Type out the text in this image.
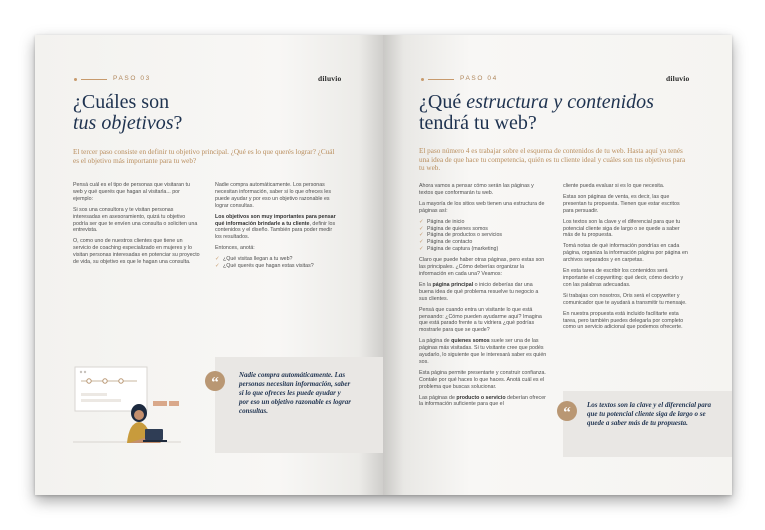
PASO 03	diluvio
¿Cuáles son
tus objetivos?
El tercer paso consiste en definir tu objetivo principal. ¿Qué es lo que querés lograr? ¿Cuál es el objetivo más importante para tu web?

Pensá cuál es el tipo de personas que visitaran tu web y qué querés que hagan al visitarla... por ejemplo:

Si sos una consultora y te visitan personas interesadas en asesoramiento, quizá tu objetivo podría ser que te envíen una consulta o soliciten una entrevista.

O, como uno de nuestros clientes que tiene un servicio de coaching especializado en mujeres y lo visitan personas interesadas en potenciar su proyecto de vida, su objetivo es que le hagan una consulta.

Nadie compra automáticamente. Los personas necesitan información, saber si lo que ofreces les puede ayudar y por eso un objetivo razonable es lograr consultas.

Los objetivos son muy importantes para pensar qué información brindarle a tu cliente, definir los contenidos y el diseño. También para poder medir los resultados.

Entonces, anotá:

✓ ¿Qué visitas llegan a tu web?
✓ ¿Qué querés que hagan estas visitas?
“	Nadie compra automáticamente. Las personas necesitan información, saber si lo que ofreces les puede ayudar y por eso un objetivo razonable es lograr consultas.
PASO 04	diluvio
¿Qué estructura y contenidos
tendrá tu web?
El paso número 4 es trabajar sobre el esquema de contenidos de tu web. Hasta aquí ya tenés una idea de que hace tu competencia, quién es tu cliente ideal y cuáles son tus objetivos para tu web.

Ahora vamos a pensar cómo serán las páginas y textos que conformarán tu web.

La mayoría de los sitios web tienen una estructura de páginas así:

✓ Página de inicio
✓ Página de quienes somos
✓ Página de productos o servicios
✓ Página de contacto
✓ Página de captura (marketing)

Claro que puede haber otras páginas, pero estas son las principales. ¿Cómo deberías organizar la información en cada una? Veamos:

En la página principal o inicio deberías dar una buena idea de qué problema resuelve tu negocio a sus clientes.

Pensá que cuando entra un visitante lo que está pensando: ¿Cómo pueden ayudarme aquí? Imagina que está parado frente a tu vidriera ¿qué podrías mostrarle para que se quede?

La página de quienes somos suele ser una de las páginas más visitadas. Si tu visitante cree que podés ayudarlo, lo siguiente que le interesará saber es quién sos.

Esta página permite presentarte y construir confianza. Contale por qué haces lo que haces. Anotá cuál es el problema que buscas solucionar.

Las páginas de producto o servicio deberían ofrecer la información suficiente para que el

cliente pueda evaluar si es lo que necesita.

Estas son páginas de venta, es decir, las que presentan tu propuesta. Tienen que estar escritos para persuadir.

Los textos son la clave y el diferencial para que tu potencial cliente siga de largo o se quede a saber más de tu propuesta.

Tomá notas de qué información pondrías en cada página, organiza la información página por página en archivos separados y en carpetas.

En esta tarea de escribir los contenidos será importante el copywriting: qué decir, cómo decirlo y con las palabras adecuadas.

Si trabajas con nosotros, Oris será el copywriter y comunicador que te ayudará a transmitir tu mensaje.

En nuestra propuesta está incluido facilitarte esta tarea, pero también puedes delegarla por completo como un servicio adicional que podemos ofrecerte.

“	Los textos son la clave y el diferencial para que tu potencial cliente siga de largo o se quede a saber más de tu propuesta.
